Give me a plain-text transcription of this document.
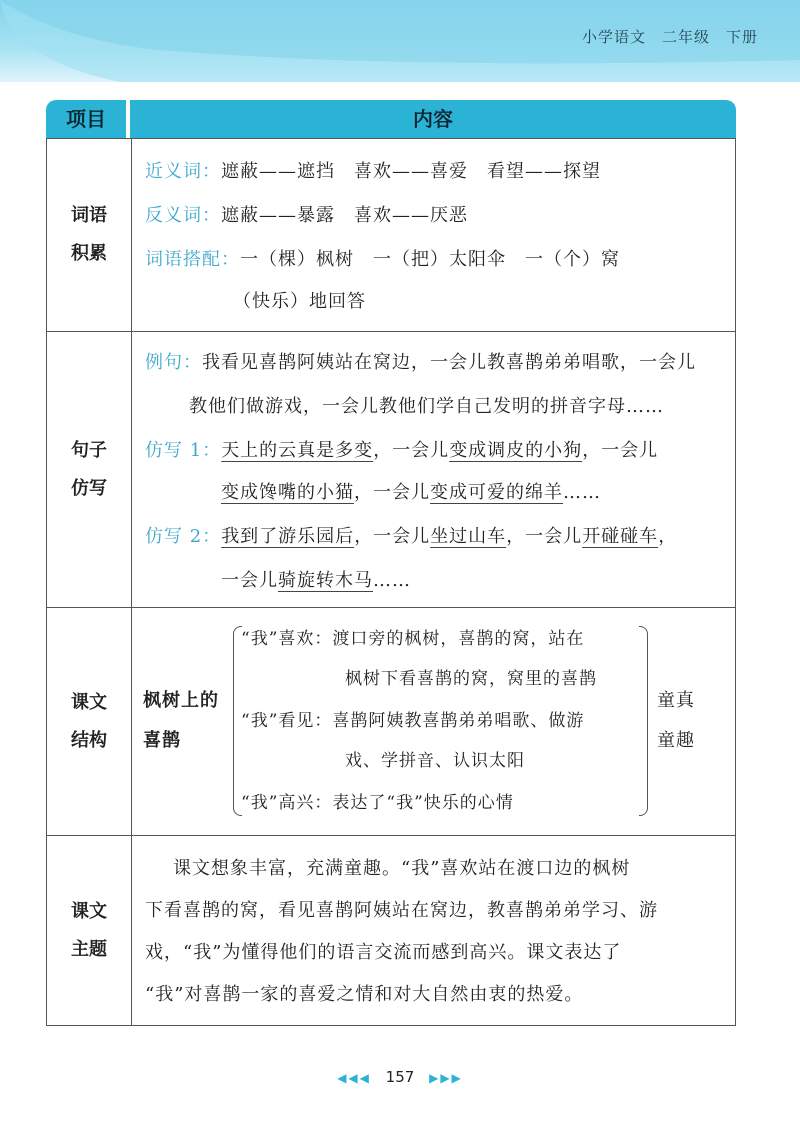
小学语文 二年级 下册
项目	内容
词语
积累
近义词：遮蔽——遮挡　喜欢——喜爱　看望——探望
反义词：遮蔽——暴露　喜欢——厌恶
词语搭配：一（棵）枫树　一（把）太阳伞　一（个）窝
（快乐）地回答
句子
仿写
例句：我看见喜鹊阿姨站在窝边，一会儿教喜鹊弟弟唱歌，一会儿
教他们做游戏，一会儿教他们学自己发明的拼音字母……
仿写 1：天上的云真是多变，一会儿变成调皮的小狗，一会儿
变成馋嘴的小猫，一会儿变成可爱的绵羊……
仿写 2：我到了游乐园后，一会儿坐过山车，一会儿开碰碰车，
一会儿骑旋转木马……
课文
结构
枫树上的
喜鹊
“我”喜欢：渡口旁的枫树，喜鹊的窝，站在
枫树下看喜鹊的窝，窝里的喜鹊
“我”看见：喜鹊阿姨教喜鹊弟弟唱歌、做游
戏、学拼音、认识太阳
“我”高兴：表达了“我”快乐的心情
童真
童趣
课文
主题
课文想象丰富，充满童趣。“我”喜欢站在渡口边的枫树
下看喜鹊的窝，看见喜鹊阿姨站在窝边，教喜鹊弟弟学习、游
戏，“我”为懂得他们的语言交流而感到高兴。课文表达了
“我”对喜鹊一家的喜爱之情和对大自然由衷的热爱。
◀◀◀ 157 ▶▶▶
